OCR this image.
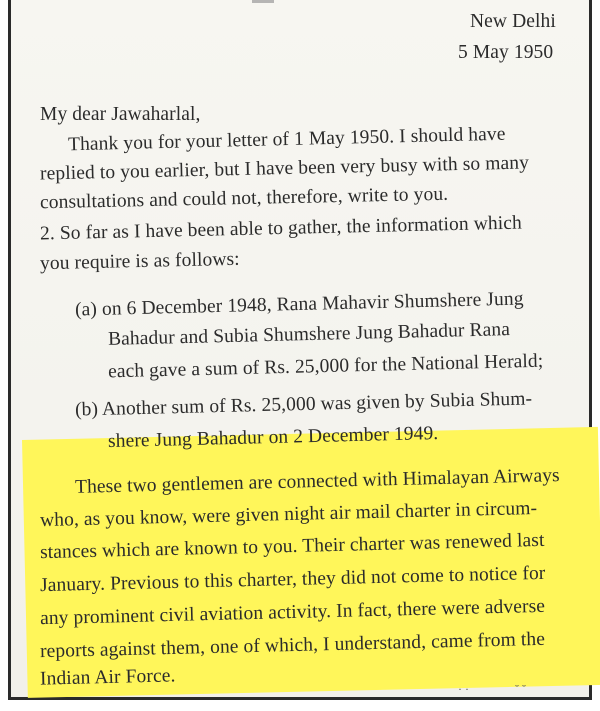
New Delhi
5 May 1950
My dear Jawaharlal,
Thank you for your letter of 1 May 1950. I should have
replied to you earlier, but I have been very busy with so many
consultations and could not, therefore, write to you.
2. So far as I have been able to gather, the information which
you require is as follows:
(a) on 6 December 1948, Rana Mahavir Shumshere Jung
Bahadur and Subia Shumshere Jung Bahadur Rana
each gave a sum of Rs. 25,000 for the National Herald;
(b) Another sum of Rs. 25,000 was given by Subia Shum-
shere Jung Bahadur on 2 December 1949.
These two gentlemen are connected with Himalayan Airways
who, as you know, were given night air mail charter in circum-
stances which are known to you. Their charter was renewed last
January. Previous to this charter, they did not come to notice for
any prominent civil aviation activity. In fact, there were adverse
reports against them, one of which, I understand, came from the
Indian Air Force.	· ·	˘ ˘
